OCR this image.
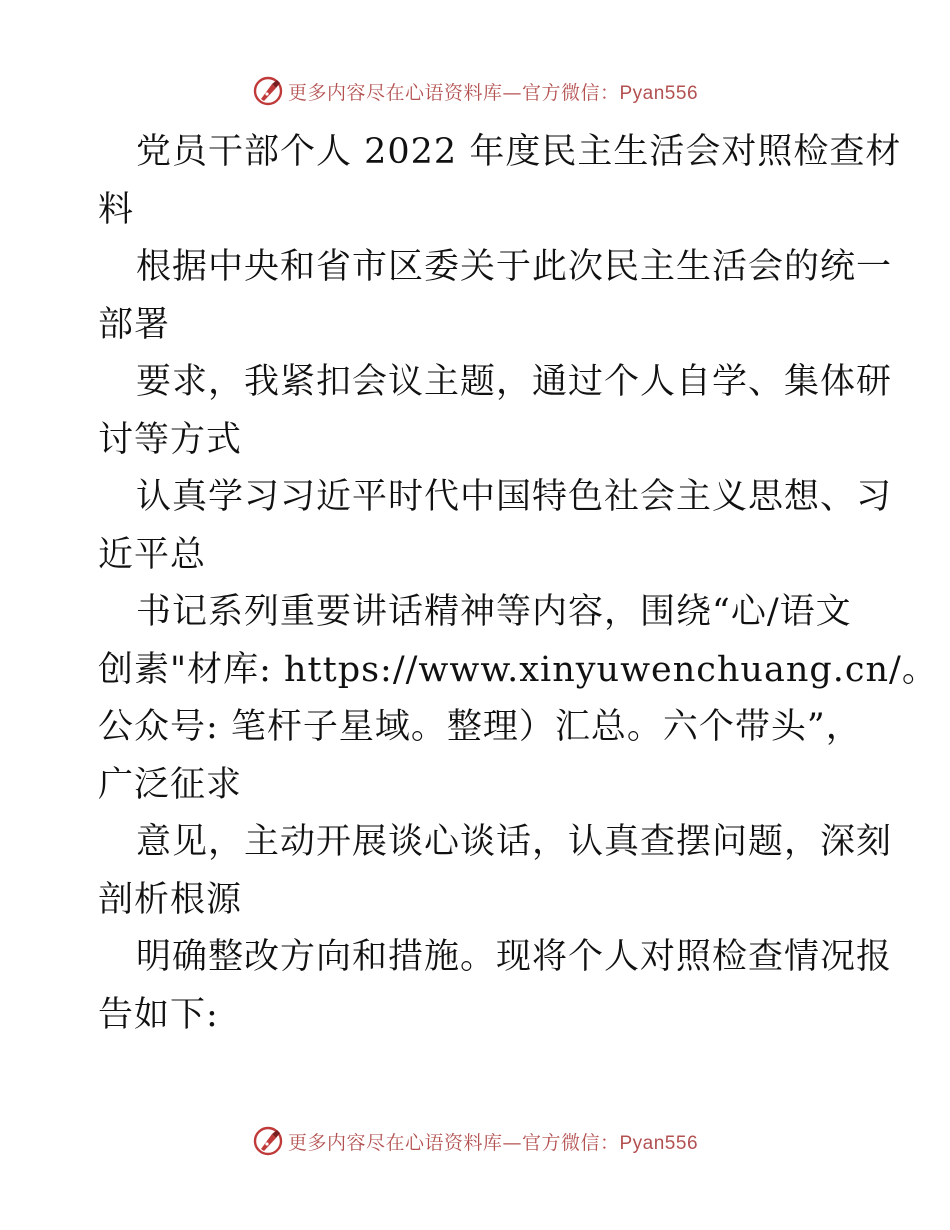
更多内容尽在心语资料库—官方微信：Pyan556
党员干部个人 2022 年度民主生活会对照检查材
料
根据中央和省市区委关于此次民主生活会的统一
部署
要求，我紧扣会议主题，通过个人自学、集体研
讨等方式
认真学习习近平时代中国特色社会主义思想、习
近平总
书记系列重要讲话精神等内容，围绕“心/语文
创素"材库: https://www.xinyuwenchuang.cn/。
公众号: 笔杆子星域。整理）汇总。六个带头”，
广泛征求
意见，主动开展谈心谈话，认真查摆问题，深刻
剖析根源
明确整改方向和措施。现将个人对照检查情况报
告如下:
更多内容尽在心语资料库—官方微信：Pyan556
